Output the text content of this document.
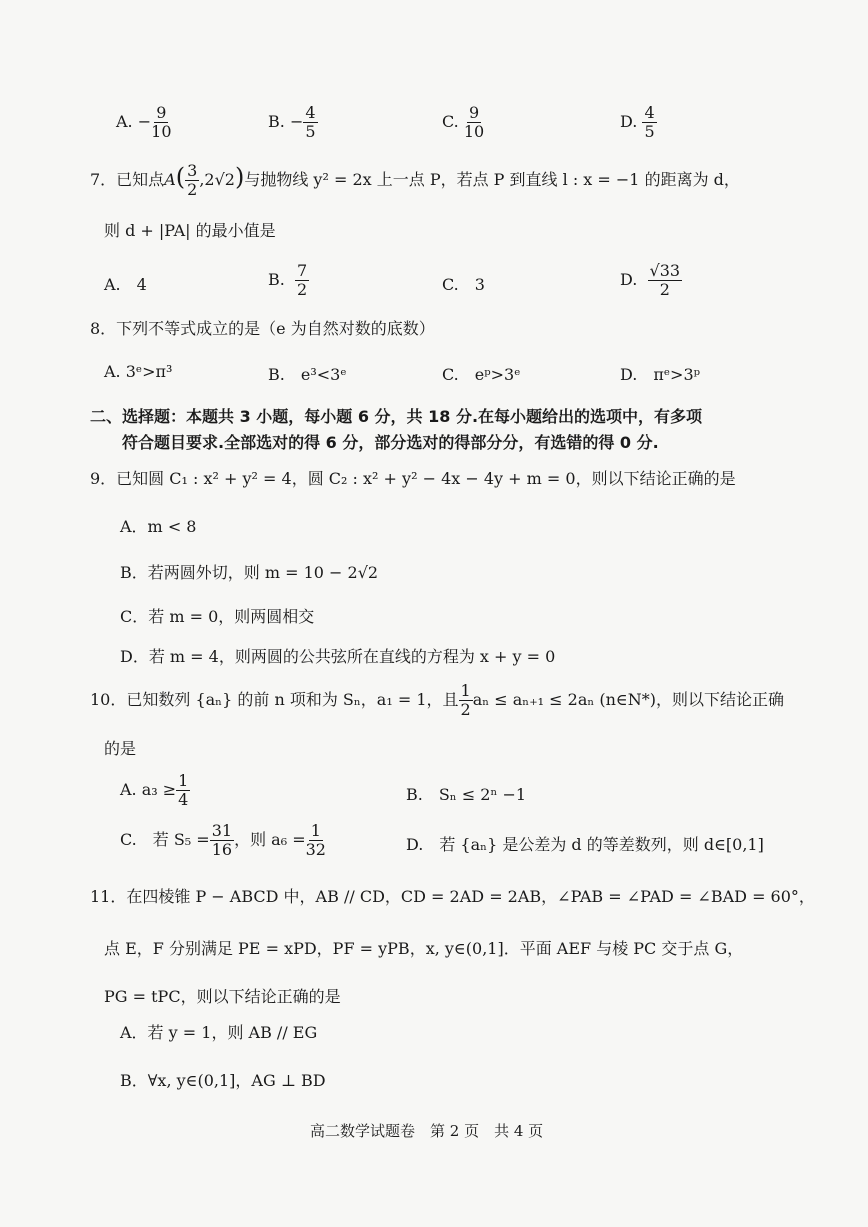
A. − $\frac{9}{10}$	B. − $\frac{4}{5}$	C. $\frac{9}{10}$	D. $\frac{4}{5}$
7．已知点$A( \frac{3}{2} ,2√2)$与抛物线 y² = 2x 上一点 P，若点 P 到直线 l : x = −1 的距离为 d，
则 d + |PA| 的最小值是
A.　4	B. $\frac{7}{2}$	C.　3	D. $\frac{√33}{2}$
8．下列不等式成立的是（e 为自然对数的底数）
A. 3ᵉ>π³	B.　e³<3ᵉ	C.　eᵖ>3ᵉ	D.　πᵉ>3ᵖ
二、选择题：本题共 3 小题，每小题 6 分，共 18 分.在每小题给出的选项中，有多项
符合题目要求.全部选对的得 6 分，部分选对的得部分分，有选错的得 0 分.
9．已知圆 C₁ : x² + y² = 4，圆 C₂ : x² + y² − 4x − 4y + m = 0，则以下结论正确的是
A．m < 8
B．若两圆外切，则 m = 10 − 2√2
C．若 m = 0，则两圆相交
D．若 m = 4，则两圆的公共弦所在直线的方程为 x + y = 0
10．已知数列 {aₙ} 的前 n 项和为 Sₙ，a₁ = 1，且 $\frac{1}{2}$ aₙ ≤ aₙ₊₁ ≤ 2aₙ (n∈N*)，则以下结论正确
的是
A. $a_3 \ge \frac{1}{4}$	B.　Sₙ ≤ 2ⁿ −1
C.　若 $S_5 = \frac{31}{16}$ ，则 $a_6 = \frac{1}{32}$	D.　若 {aₙ} 是公差为 d 的等差数列，则 d∈[0,1]
11．在四棱锥 P − ABCD 中，AB // CD，CD = 2AD = 2AB，∠PAB = ∠PAD = ∠BAD = 60°，
点 E，F 分别满足 PE = xPD，PF = yPB，x, y∈(0,1]．平面 AEF 与棱 PC 交于点 G，
PG = tPC，则以下结论正确的是
A．若 y = 1，则 AB // EG
B．∀x, y∈(0,1]，AG ⊥ BD
高二数学试题卷　第 2 页　共 4 页
